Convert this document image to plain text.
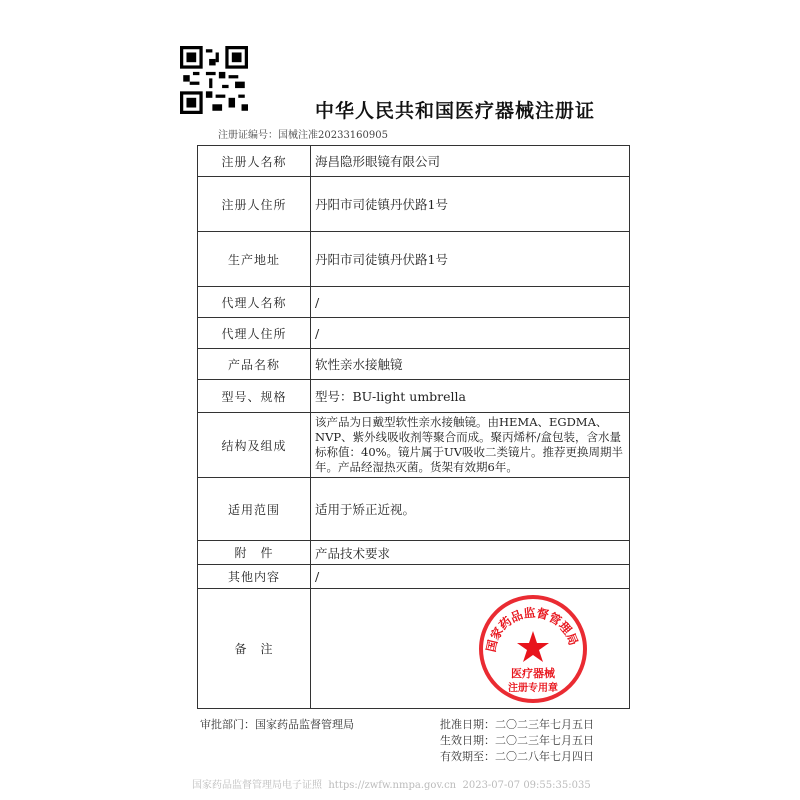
中华人民共和国医疗器械注册证
注册证编号：国械注准20233160905
注册人名称	海昌隐形眼镜有限公司
注册人住所	丹阳市司徒镇丹伏路1号
生产地址	丹阳市司徒镇丹伏路1号
代理人名称	/
代理人住所	/
产品名称	软性亲水接触镜
型号、规格	型号：BU-light umbrella
结构及组成	该产品为日戴型软性亲水接触镜。由HEMA、EGDMA、NVP、紫外线吸收剂等聚合而成。聚丙烯杯/盒包装，含水量标称值：40%。镜片属于UV吸收二类镜片。推荐更换周期半年。产品经湿热灭菌。货架有效期6年。
适用范围	适用于矫正近视。
附　件	产品技术要求
其他内容	/
备　注	国家药品监督管理局
医疗器械
注册专用章
审批部门：国家药品监督管理局	批准日期：二〇二三年七月五日
生效日期：二〇二三年七月五日
有效期至：二〇二八年七月四日
国家药品监督管理局电子证照  https://zwfw.nmpa.gov.cn  2023-07-07 09:55:35:035
